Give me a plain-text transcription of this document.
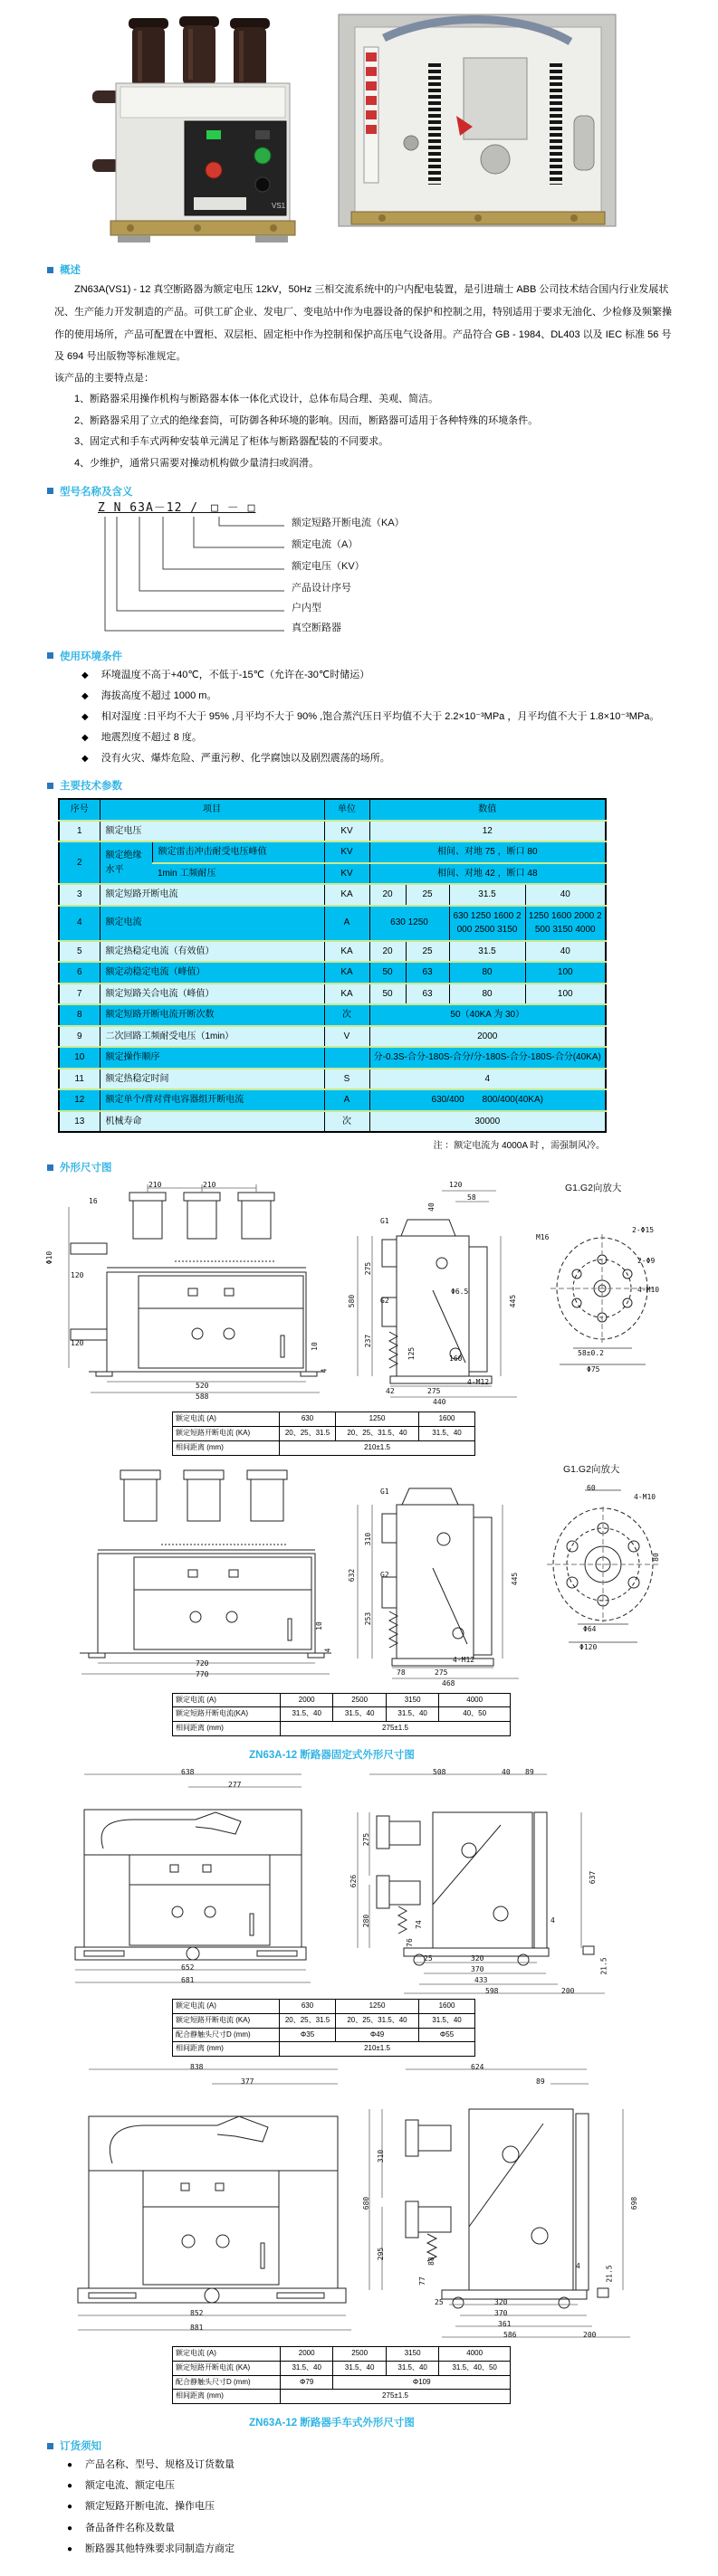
VS1
概述

ZN63A(VS1) - 12 真空断路器为额定电压 12kV，50Hz 三相交流系统中的户内配电装置，是引进瑞士 ABB 公司技术结合国内行业发展状况、生产能力开发制造的产品。可供工矿企业、发电厂、变电站中作为电器设备的保护和控制之用，特别适用于要求无油化、少检修及频繁操作的使用场所，产品可配置在中置柜、双层柜、固定柜中作为控制和保护高压电气设备用。产品符合 GB - 1984、DL403 以及 IEC 标准 56 号及 694 号出版物等标准规定。

该产品的主要特点是：
1、断路器采用操作机构与断路器本体一体化式设计，总体布局合理、美观、简洁。
2、断路器采用了立式的绝缘套筒，可防御各种环境的影响。因而，断路器可适用于各种特殊的环境条件。
3、固定式和手车式两种安装单元满足了柜体与断路器配装的不同要求。
4、少维护，通常只需要对操动机构做少量清扫或润滑。
型号名称及含义
Z N 63A－12 /　□ － □
额定短路开断电流（KA）
额定电流（A）
额定电压（KV）
产品设计序号
户内型
真空断路器
使用环境条件
◆ 环境温度不高于+40℃，不低于-15℃（允许在-30℃时储运）
◆ 海拔高度不超过 1000 m。
◆ 相对湿度 :日平均不大于 95% ,月平均不大于 90% ,饱合蒸汽压日平均值不大于 2.2×10⁻³MPa ，月平均值不大于 1.8×10⁻³MPa。
◆ 地震烈度不超过 8 度。
◆ 没有火灾、爆炸危险、严重污秽、化学腐蚀以及剧烈震荡的场所。
主要技术参数
序号	项目		单位	数值			
1	额定电压		KV	12			
2	额定绝缘水平	额定雷击冲击耐受电压峰值	KV	相间、对地 75 ，断口 80			
		1min 工频耐压	KV	相间、对地 42 ，断口 48			
3	额定短路开断电流		KA	20	25	31.5	40
4	额定电流		A	630 1250		630 1250 1600 2000 2500 3150	1250 1600 2000 2500 3150 4000
5	额定热稳定电流（有效值）		KA	20	25	31.5	40
6	额定动稳定电流（峰值）		KA	50	63	80	100
7	额定短路关合电流（峰值）		KA	50	63	80	100
8	额定短路开断电流开断次数		次	50（40KA 为 30）			
9	二次回路工频耐受电压（1min）		V	2000			
10	额定操作顺序			分-0.3S-合分-180S-合分/分-180S-合分-180S-合分(40KA)			
11	额定热稳定时间		S	4			
12	额定单个/背对背电容器组开断电流		A	630/400　　800/400(40KA)			
13	机械寿命		次	30000			
注 ：额定电流为 4000A 时 ，需强制风冷。
外形尺寸图
210	210
16
Φ10
120
120	10
4
520
588
G1
G2
580
275
237
120
58
40
Φ6.5
160
125
4-M12
42	275
440
445
G1.G2向放大
M16
2-Φ15
2-Φ9
4-M10
58±0.2
Φ75
额定电流 (A)	630	1250	1600
额定短路开断电流 (KA)	20、25、31.5	20、25、31.5、40	31.5、40
相间距离 (mm)	210±1.5		
720
770
10
4
G1
G2
632
310
253
445
4-M12
78	275
468
G1.G2向放大
60
4-M10
80
Φ64
Φ120
额定电流 (A)	2000	2500	3150	4000
额定短路开断电流(KA)	31.5、40	31.5、40	31.5、40	40、50
相间距离 (mm)	275±1.5			
ZN63A-12 断路器固定式外形尺寸图
638
277
652
681
508	40 89
275
626
280	74
76
637
4
21.5
25	320
370
433
598	200
额定电流 (A)	630	1250	1600
额定短路开断电流 (KA)	20、25、31.5	20、25、31.5、40	31.5、40
配合静触头尺寸D (mm)	Φ35	Φ49	Φ55
相间距离 (mm)	210±1.5		
838
377
852
881
624
89
680
310
295
88
77
698
4	21.5
25	320
370
361
586	200
额定电流 (A)	2000	2500	3150	4000
额定短路开断电流 (KA)	31.5、40	31.5、40	31.5、40	31.5、40、50
配合静触头尺寸D (mm)	Φ79	Φ109		
相间距离 (mm)	275±1.5			
ZN63A-12 断路器手车式外形尺寸图
订货须知
● 产品名称、型号、规格及订货数量
● 额定电流、额定电压
● 额定短路开断电流、操作电压
● 备品备件名称及数量
● 断路器其他特殊要求同制造方商定
